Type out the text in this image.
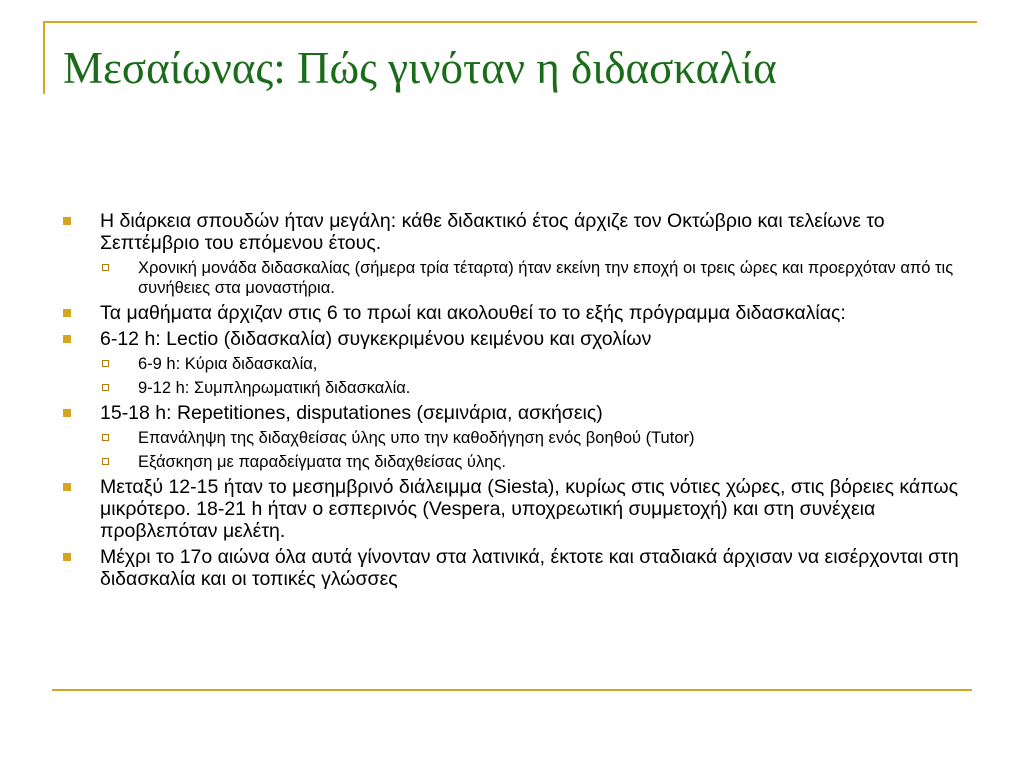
Μεσαίωνας: Πώς γινόταν η διδασκαλία
Η διάρκεια σπουδών ήταν μεγάλη: κάθε διδακτικό έτος άρχιζε τον Οκτώβριο και τελείωνε το Σεπτέμβριο του επόμενου έτους.
Χρονική μονάδα διδασκαλίας (σήμερα τρία τέταρτα) ήταν εκείνη την εποχή οι τρεις ώρες και προερχόταν από τις συνήθειες στα μοναστήρια.
Τα μαθήματα άρχιζαν στις 6 το πρωί και ακολουθεί το το εξής πρόγραμμα διδασκαλίας:
6-12 h: Lectio (διδασκαλία) συγκεκριμένου κειμένου και σχολίων
6-9 h: Κύρια διδασκαλία,
9-12 h: Συμπληρωματική διδασκαλία.
15-18 h: Repetitiones, disputationes (σεμινάρια, ασκήσεις)
Επανάληψη της διδαχθείσας ύλης υπο την καθοδήγηση ενός βοηθού (Tutor)
Εξάσκηση με παραδείγματα της διδαχθείσας ύλης.
Μεταξύ 12-15 ήταν το μεσημβρινό διάλειμμα (Siesta), κυρίως στις νότιες χώρες, στις βόρειες κάπως μικρότερο. 18-21 h ήταν ο εσπερινός (Vespera, υποχρεωτική συμμετοχή) και στη συνέχεια προβλεπόταν μελέτη.
Μέχρι το 17ο αιώνα όλα αυτά γίνονταν στα λατινικά, έκτοτε και σταδιακά άρχισαν να εισέρχονται στη διδασκαλία και οι τοπικές γλώσσες
